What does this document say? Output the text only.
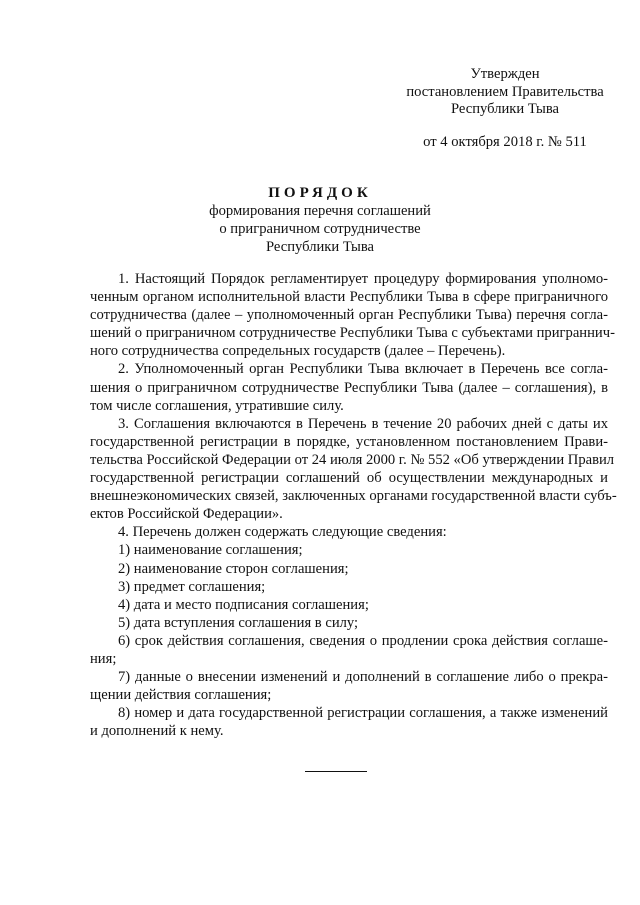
Утвержден
постановлением Правительства
Республики Тыва
от 4 октября 2018 г. № 511
ПОРЯДОК
формирования перечня соглашений
о приграничном сотрудничестве
Республики Тыва
1. Настоящий Порядок регламентирует процедуру формирования уполномо-
ченным органом исполнительной власти Республики Тыва в сфере приграничного
сотрудничества (далее – уполномоченный орган Республики Тыва) перечня согла-
шений о приграничном сотрудничестве Республики Тыва с субъектами приграннич-
ного сотрудничества сопредельных государств (далее – Перечень).
2. Уполномоченный орган Республики Тыва включает в Перечень все согла-
шения о приграничном сотрудничестве Республики Тыва (далее – соглашения), в
том числе соглашения, утратившие силу.
3. Соглашения включаются в Перечень в течение 20 рабочих дней с даты их
государственной регистрации в порядке, установленном постановлением Прави-
тельства Российской Федерации от 24 июля 2000 г. № 552 «Об утверждении Правил
государственной регистрации соглашений об осуществлении международных и
внешнеэкономических связей, заключенных органами государственной власти субъ-
ектов Российской Федерации».
4. Перечень должен содержать следующие сведения:
1) наименование соглашения;
2) наименование сторон соглашения;
3) предмет соглашения;
4) дата и место подписания соглашения;
5) дата вступления соглашения в силу;
6) срок действия соглашения, сведения о продлении срока действия соглаше-
ния;
7) данные о внесении изменений и дополнений в соглашение либо о прекра-
щении действия соглашения;
8) номер и дата государственной регистрации соглашения, а также изменений
и дополнений к нему.
